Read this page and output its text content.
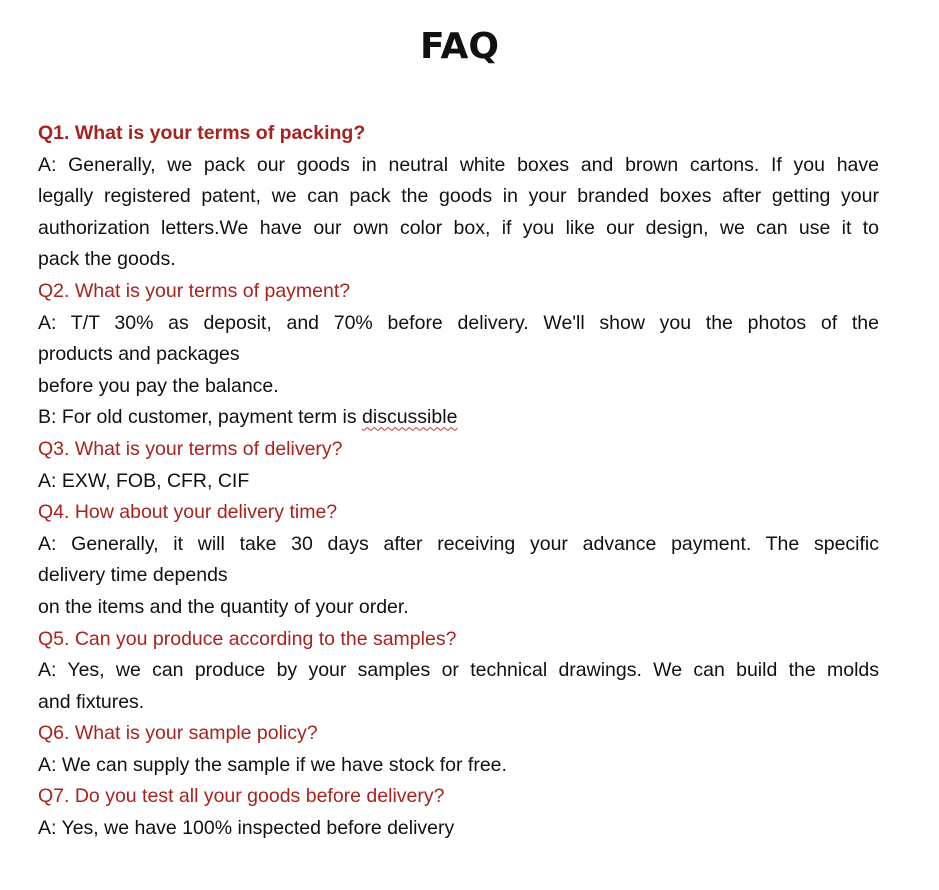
FAQ
Q1. What is your terms of packing?
A: Generally, we pack our goods in neutral white boxes and brown cartons. If you have
legally registered patent, we can pack the goods in your branded boxes after getting your
authorization letters.We have our own color box, if you like our design, we can use it to
pack the goods.
Q2. What is your terms of payment?
A: T/T 30% as deposit, and 70% before delivery. We'll show you the photos of the
products and packages
before you pay the balance.
B: For old customer, payment term is discussible
Q3. What is your terms of delivery?
A: EXW, FOB, CFR, CIF
Q4. How about your delivery time?
A: Generally, it will take 30 days after receiving your advance payment. The specific
delivery time depends
on the items and the quantity of your order.
Q5. Can you produce according to the samples?
A: Yes, we can produce by your samples or technical drawings. We can build the molds
and fixtures.
Q6. What is your sample policy?
A: We can supply the sample if we have stock for free.
Q7. Do you test all your goods before delivery?
A: Yes, we have 100% inspected before delivery
